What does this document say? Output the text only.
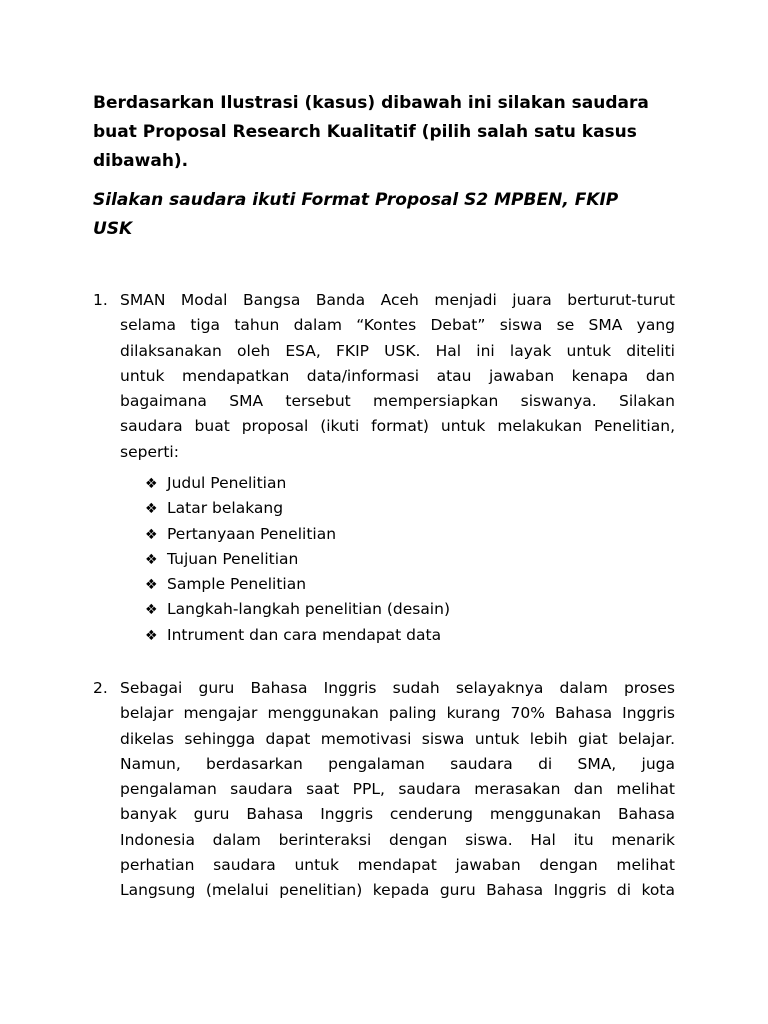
Berdasarkan Ilustrasi (kasus) dibawah ini silakan saudara
buat Proposal Research Kualitatif (pilih salah satu kasus
dibawah).
Silakan saudara ikuti Format Proposal S2 MPBEN, FKIP
USK
1. SMAN Modal Bangsa Banda Aceh menjadi juara berturut-turut
selama tiga tahun dalam “Kontes Debat” siswa se SMA yang
dilaksanakan oleh ESA, FKIP USK. Hal ini layak untuk diteliti
untuk mendapatkan data/informasi atau jawaban kenapa dan
bagaimana SMA tersebut mempersiapkan siswanya. Silakan
saudara buat proposal (ikuti format) untuk melakukan Penelitian,
seperti:
❖ Judul Penelitian
❖ Latar belakang
❖ Pertanyaan Penelitian
❖ Tujuan Penelitian
❖ Sample Penelitian
❖ Langkah-langkah penelitian (desain)
❖ Intrument dan cara mendapat data
2. Sebagai guru Bahasa Inggris sudah selayaknya dalam proses
belajar mengajar menggunakan paling kurang 70% Bahasa Inggris
dikelas sehingga dapat memotivasi siswa untuk lebih giat belajar.
Namun, berdasarkan pengalaman saudara di SMA, juga
pengalaman saudara saat PPL, saudara merasakan dan melihat
banyak guru Bahasa Inggris cenderung menggunakan Bahasa
Indonesia dalam berinteraksi dengan siswa. Hal itu menarik
perhatian saudara untuk mendapat jawaban dengan melihat
Langsung (melalui penelitian) kepada guru Bahasa Inggris di kota
